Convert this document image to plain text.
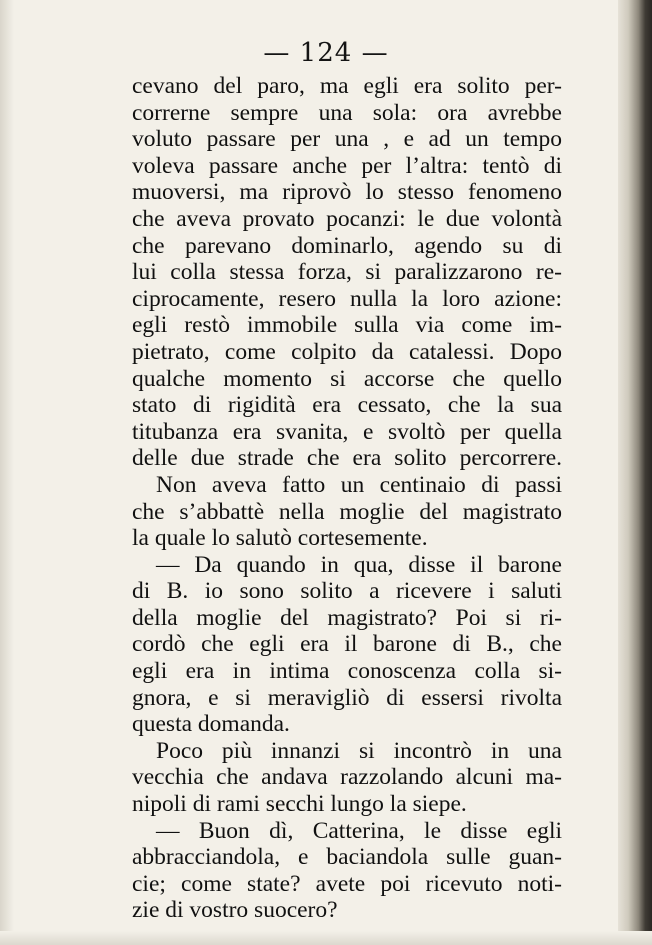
— 124 —
cevano del paro, ma egli era solito per-
correrne sempre una sola: ora avrebbe
voluto passare per una , e ad un tempo
voleva passare anche per l’altra: tentò di
muoversi, ma riprovò lo stesso fenomeno
che aveva provato pocanzi: le due volontà
che parevano dominarlo, agendo su di
lui colla stessa forza, si paralizzarono re-
ciprocamente, resero nulla la loro azione:
egli restò immobile sulla via come im-
pietrato, come colpito da catalessi. Dopo
qualche momento si accorse che quello
stato di rigidità era cessato, che la sua
titubanza era svanita, e svoltò per quella
delle due strade che era solito percorrere.
Non aveva fatto un centinaio di passi
che s’abbattè nella moglie del magistrato
la quale lo salutò cortesemente.
— Da quando in qua, disse il barone
di B. io sono solito a ricevere i saluti
della moglie del magistrato? Poi si ri-
cordò che egli era il barone di B., che
egli era in intima conoscenza colla si-
gnora, e si meravigliò di essersi rivolta
questa domanda.
Poco più innanzi si incontrò in una
vecchia che andava razzolando alcuni ma-
nipoli di rami secchi lungo la siepe.
— Buon dì, Catterina, le disse egli
abbracciandola, e baciandola sulle guan-
cie; come state? avete poi ricevuto noti-
zie di vostro suocero?
